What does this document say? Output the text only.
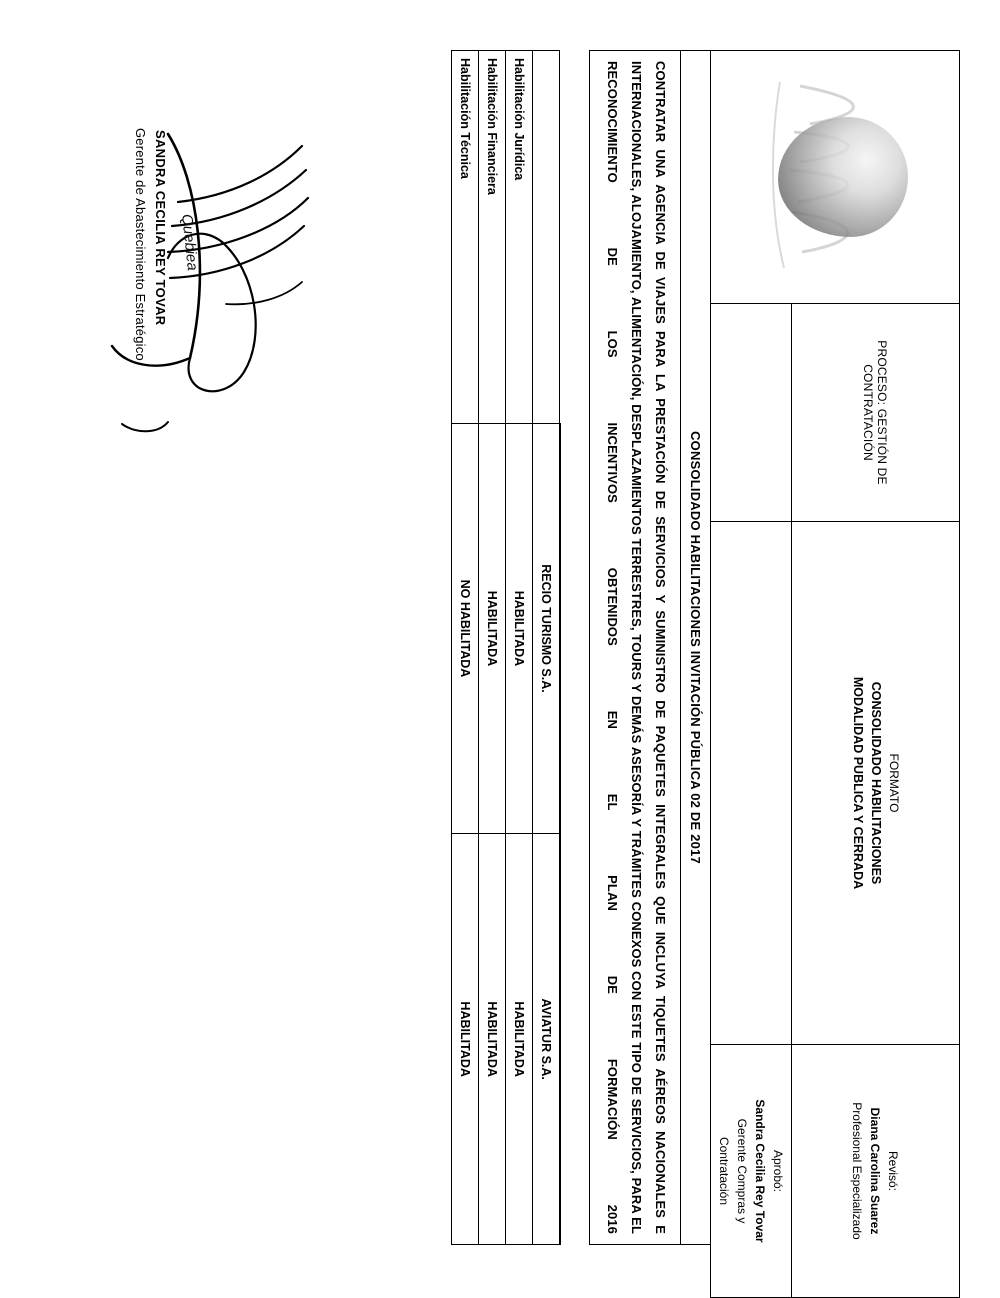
	PROCESO: GESTIÓN DE CONTRATACIÓN	
FORMATO
CONSOLIDADO HABILITACIONES
MODALIDAD PUBLICA Y CERRADA

Revisó:
Diana Carolina Suarez
Profesional Especializado

			Aprobó:
Sandra Cecilia Rey Tovar
Gerente Compras y
Contratación
CONSOLIDADO HABILITACIONES INVITACIÓN PÚBLICA 02 DE 2017
CONTRATAR UNA AGENCIA DE VIAJES PARA LA PRESTACIÓN DE SERVICIOS Y SUMINISTRO DE PAQUETES INTEGRALES QUE INCLUYA TIQUETES AÉREOS NACIONALES E INTERNACIONALES, ALOJAMIENTO, ALIMENTACIÓN, DESPLAZAMIENTOS TERRESTRES, TOURS Y DEMÁS ASESORÍA Y TRÁMITES CONEXOS CON ESTE TIPO DE SERVICIOS, PARA EL RECONOCIMIENTO DE LOS INCENTIVOS OBTENIDOS EN EL PLAN DE FORMACIÓN 2016
	RECIO TURISMO S.A.	AVIATUR S.A.
Habilitación Jurídica	HABILITADA	HABILITADA
Habilitación Financiera	HABILITADA	HABILITADA
Habilitación Técnica	NO HABILITADA	HABILITADA
Quebiea
SANDRA CECILIA REY TOVAR
Gerente de Abastecimiento Estratégico.
